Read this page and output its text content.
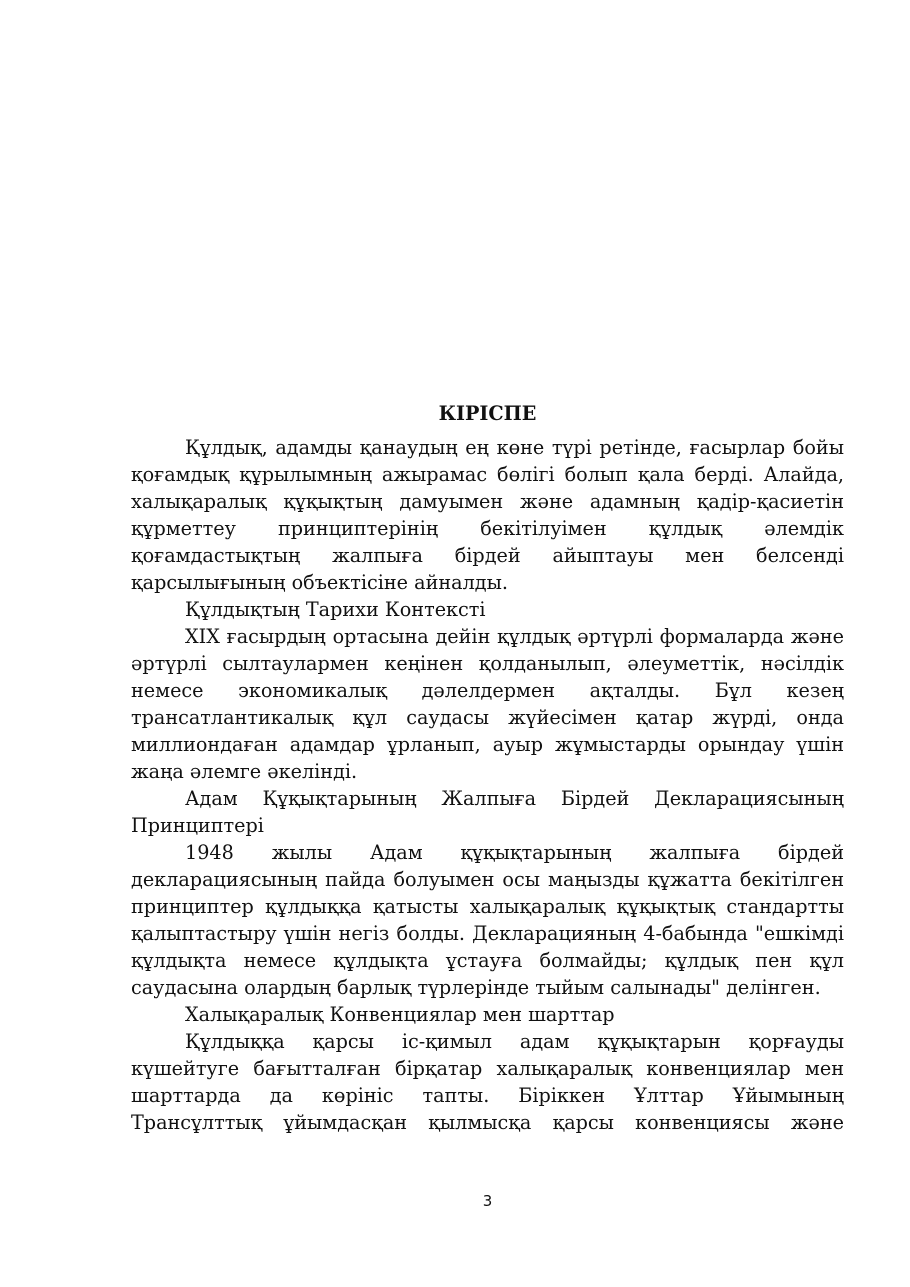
КІРІСПЕ

Құлдық, адамды қанаудың ең көне түрі ретінде, ғасырлар бойы қоғамдық құрылымның ажырамас бөлігі болып қала берді. Алайда, халықаралық құқықтың дамуымен және адамның қадір-қасиетін құрметтеу принциптерінің бекітілуімен құлдық әлемдік қоғамдастықтың жалпыға бірдей айыптауы мен белсенді қарсылығының объектісіне айналды.

Құлдықтың Тарихи Контексті

XIX ғасырдың ортасына дейін құлдық әртүрлі формаларда және әртүрлі сылтаулармен кеңінен қолданылып, әлеуметтік, нәсілдік немесе экономикалық дәлелдермен ақталды. Бұл кезең трансатлантикалық құл саудасы жүйесімен қатар жүрді, онда миллиондаған адамдар ұрланып, ауыр жұмыстарды орындау үшін жаңа әлемге әкелінді.

Адам Құқықтарының Жалпыға Бірдей Декларациясының Принциптері

1948 жылы Адам құқықтарының жалпыға бірдей декларациясының пайда болуымен осы маңызды құжатта бекітілген принциптер құлдыққа қатысты халықаралық құқықтық стандартты қалыптастыру үшін негіз болды. Декларацияның 4-бабында "ешкімді құлдықта немесе құлдықта ұстауға болмайды; құлдық пен құл саудасына олардың барлық түрлерінде тыйым салынады" делінген.

Халықаралық Конвенциялар мен шарттар

Құлдыққа қарсы іс-қимыл адам құқықтарын қорғауды күшейтуге бағытталған бірқатар халықаралық конвенциялар мен шарттарда да көрініс тапты. Біріккен Ұлттар Ұйымының Трансұлттық ұйымдасқан қылмысқа қарсы конвенциясы және

3
